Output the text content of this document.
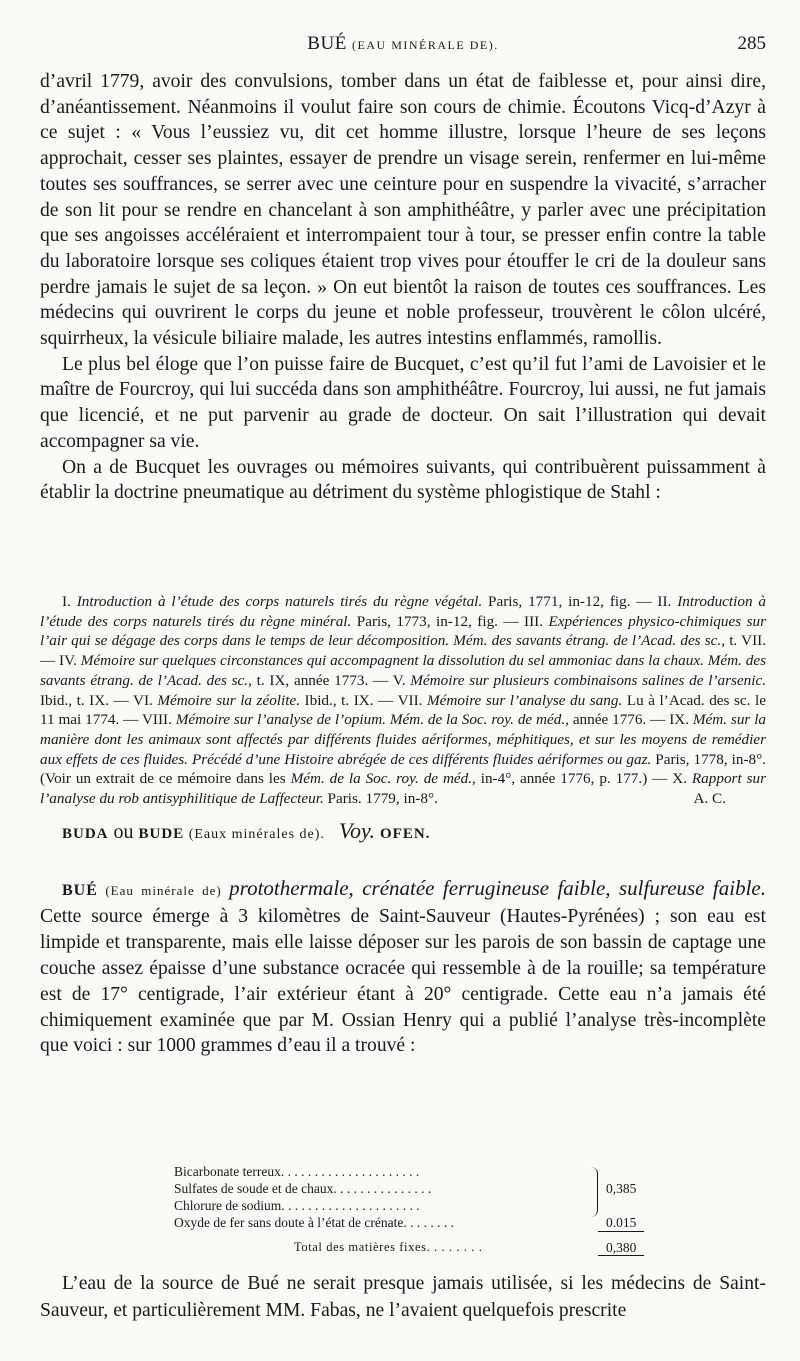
BUÉ (EAU MINÉRALE DE).	285

d’avril 1779, avoir des convulsions, tomber dans un état de faiblesse et, pour ainsi dire, d’anéantissement. Néanmoins il voulut faire son cours de chimie. Écoutons Vicq-d’Azyr à ce sujet : « Vous l’eussiez vu, dit cet homme illustre, lorsque l’heure de ses leçons approchait, cesser ses plaintes, essayer de prendre un visage serein, renfermer en lui-même toutes ses souffrances, se serrer avec une ceinture pour en suspendre la vivacité, s’arracher de son lit pour se rendre en chancelant à son amphithéâtre, y parler avec une précipitation que ses angoisses accéléraient et interrompaient tour à tour, se presser enfin contre la table du laboratoire lorsque ses coliques étaient trop vives pour étouffer le cri de la douleur sans perdre jamais le sujet de sa leçon. » On eut bientôt la raison de toutes ces souffrances. Les médecins qui ouvrirent le corps du jeune et noble professeur, trouvèrent le côlon ulcéré, squirrheux, la vésicule biliaire malade, les autres intestins enflammés, ramollis.

Le plus bel éloge que l’on puisse faire de Bucquet, c’est qu’il fut l’ami de Lavoisier et le maître de Fourcroy, qui lui succéda dans son amphithéâtre. Fourcroy, lui aussi, ne fut jamais que licencié, et ne put parvenir au grade de docteur. On sait l’illustration qui devait accompagner sa vie.

On a de Bucquet les ouvrages ou mémoires suivants, qui contribuèrent puissamment à établir la doctrine pneumatique au détriment du système phlogistique de Stahl :

I. Introduction à l’étude des corps naturels tirés du règne végétal. Paris, 1771, in-12, fig. — II. Introduction à l’étude des corps naturels tirés du règne minéral. Paris, 1773, in-12, fig. — III. Expériences physico-chimiques sur l’air qui se dégage des corps dans le temps de leur décomposition. Mém. des savants étrang. de l’Acad. des sc., t. VII. — IV. Mémoire sur quelques circonstances qui accompagnent la dissolution du sel ammoniac dans la chaux. Mém. des savants étrang. de l’Acad. des sc., t. IX, année 1773. — V. Mémoire sur plusieurs combinaisons salines de l’arsenic. Ibid., t. IX. — VI. Mémoire sur la zéolite. Ibid., t. IX. — VII. Mémoire sur l’analyse du sang. Lu à l’Acad. des sc. le 11 mai 1774. — VIII. Mémoire sur l’analyse de l’opium. Mém. de la Soc. roy. de méd., année 1776. — IX. Mém. sur la manière dont les animaux sont affectés par différents fluides aériformes, méphitiques, et sur les moyens de remédier aux effets de ces fluides. Précédé d’une Histoire abrégée de ces différents fluides aériformes ou gaz. Paris, 1778, in-8°. (Voir un extrait de ce mémoire dans les Mém. de la Soc. roy. de méd., in-4°, année 1776, p. 177.) — X. Rapport sur l’analyse du rob antisyphilitique de Laffecteur. Paris. 1779, in-8°.	A. C.
BUDA ou BUDE (Eaux minérales de). Voy. OFEN.
BUÉ (Eau minérale de) protothermale, crénatée ferrugineuse faible, sulfureuse faible. Cette source émerge à 3 kilomètres de Saint-Sauveur (Hautes-Pyrénées) ; son eau est limpide et transparente, mais elle laisse déposer sur les parois de son bassin de captage une couche assez épaisse d’une substance ocracée qui ressemble à de la rouille; sa température est de 17° centigrade, l’air extérieur étant à 20° centigrade. Cette eau n’a jamais été chimiquement examinée que par M. Ossian Henry qui a publié l’analyse très-incomplète que voici : sur 1000 grammes d’eau il a trouvé :
Bicarbonate terreux. . . . . . . . . . . . . . . . . . . . .
Sulfates de soude et de chaux. . . . . . . . . . . . . . .	0,385
Chlorure de sodium. . . . . . . . . . . . . . . . . . . . .
Oxyde de fer sans doute à l’état de crénate. . . . . . . .	0.015
Total des matières fixes. . . . . . . .	0,380
L’eau de la source de Bué ne serait presque jamais utilisée, si les médecins de Saint-Sauveur, et particulièrement MM. Fabas, ne l’avaient quelquefois prescrite
